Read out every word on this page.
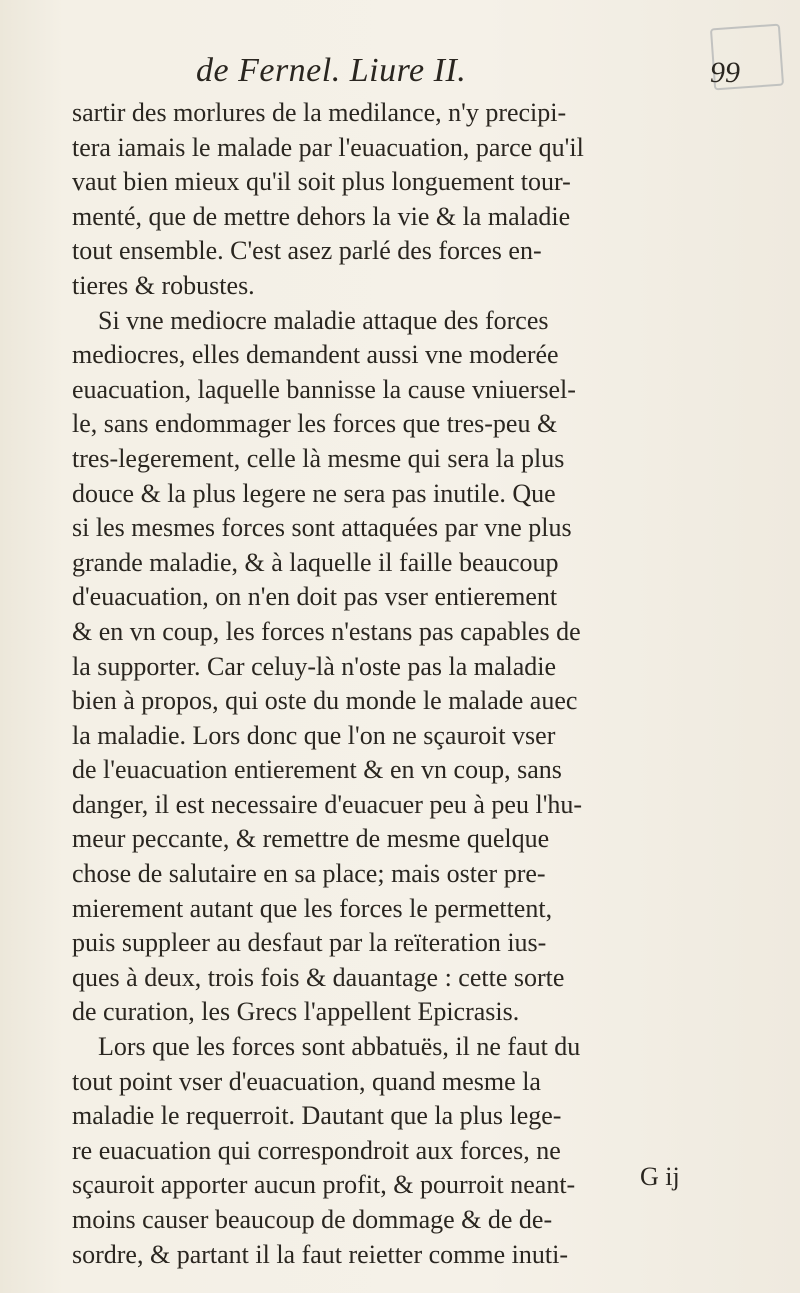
de Fernel. Liure II.	99
sartir des morlures de la medilance, n'y precipi-
tera iamais le malade par l'euacuation, parce qu'il
vaut bien mieux qu'il soit plus longuement tour-
menté, que de mettre dehors la vie & la maladie
tout ensemble. C'est asez parlé des forces en-
tieres & robustes.
Si vne mediocre maladie attaque des forces
mediocres, elles demandent aussi vne moderée
euacuation, laquelle bannisse la cause vniuersel-
le, sans endommager les forces que tres-peu &
tres-legerement, celle là mesme qui sera la plus
douce & la plus legere ne sera pas inutile. Que
si les mesmes forces sont attaquées par vne plus
grande maladie, & à laquelle il faille beaucoup
d'euacuation, on n'en doit pas vser entierement
& en vn coup, les forces n'estans pas capables de
la supporter. Car celuy-là n'oste pas la maladie
bien à propos, qui oste du monde le malade auec
la maladie. Lors donc que l'on ne sçauroit vser
de l'euacuation entierement & en vn coup, sans
danger, il est necessaire d'euacuer peu à peu l'hu-
meur peccante, & remettre de mesme quelque
chose de salutaire en sa place; mais oster pre-
mierement autant que les forces le permettent,
puis suppleer au desfaut par la reïteration ius-
ques à deux, trois fois & dauantage : cette sorte
de curation, les Grecs l'appellent Epicrasis.
Lors que les forces sont abbatuës, il ne faut du
tout point vser d'euacuation, quand mesme la
maladie le requerroit. Dautant que la plus lege-
re euacuation qui correspondroit aux forces, ne
sçauroit apporter aucun profit, & pourroit neant-
moins causer beaucoup de dommage & de de-
sordre, & partant il la faut reietter comme inuti-
G ij
